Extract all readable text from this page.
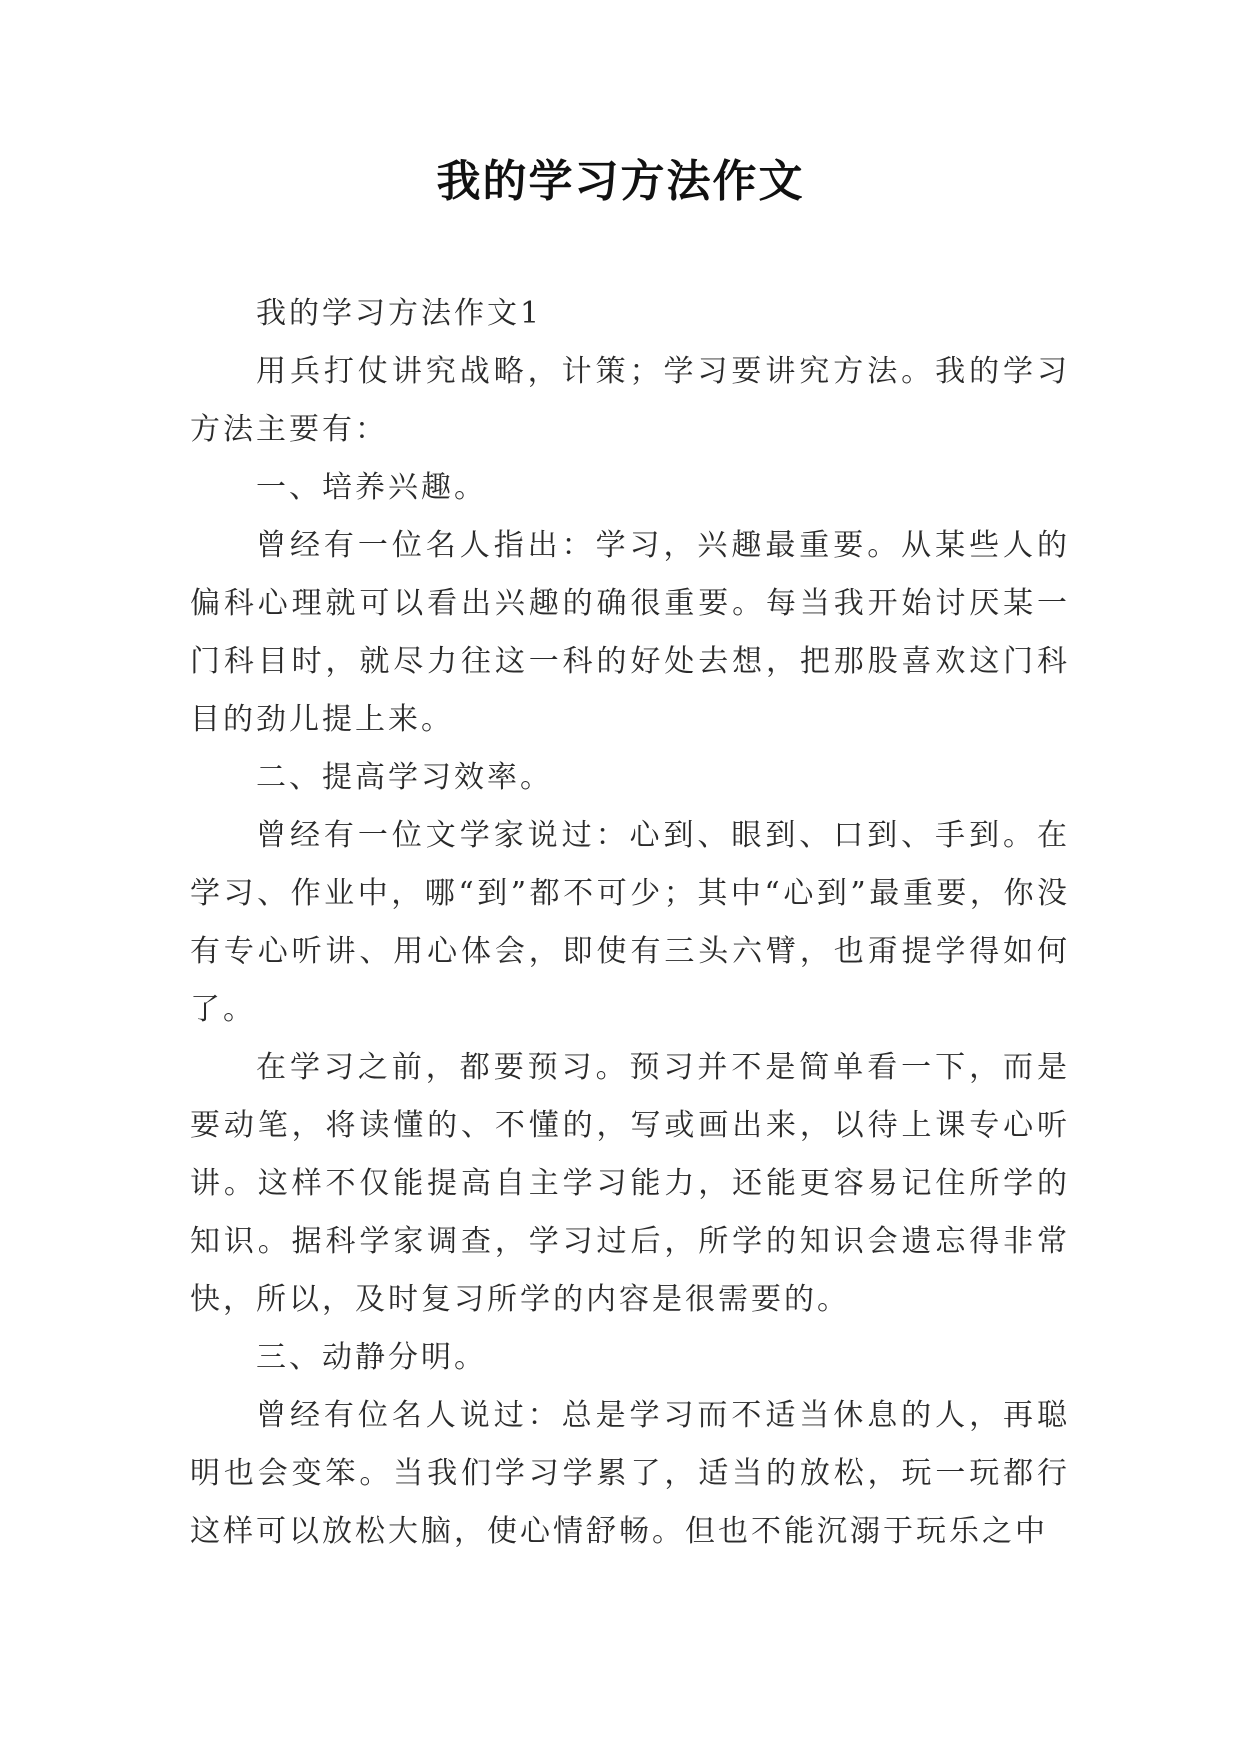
我的学习方法作文

我的学习方法作文1

用兵打仗讲究战略，计策；学习要讲究方法。我的学习方法主要有：

一、培养兴趣。

曾经有一位名人指出：学习，兴趣最重要。从某些人的偏科心理就可以看出兴趣的确很重要。每当我开始讨厌某一门科目时，就尽力往这一科的好处去想，把那股喜欢这门科目的劲儿提上来。

二、提高学习效率。

曾经有一位文学家说过：心到、眼到、口到、手到。在学习、作业中，哪“到”都不可少；其中“心到”最重要，你没有专心听讲、用心体会，即使有三头六臂，也甭提学得如何了。

在学习之前，都要预习。预习并不是简单看一下，而是要动笔，将读懂的、不懂的，写或画出来，以待上课专心听讲。这样不仅能提高自主学习能力，还能更容易记住所学的知识。据科学家调查，学习过后，所学的知识会遗忘得非常快，所以，及时复习所学的内容是很需要的。

三、动静分明。

曾经有位名人说过：总是学习而不适当休息的人，再聪明也会变笨。当我们学习学累了，适当的放松，玩一玩都行这样可以放松大脑，使心情舒畅。但也不能沉溺于玩乐之中
